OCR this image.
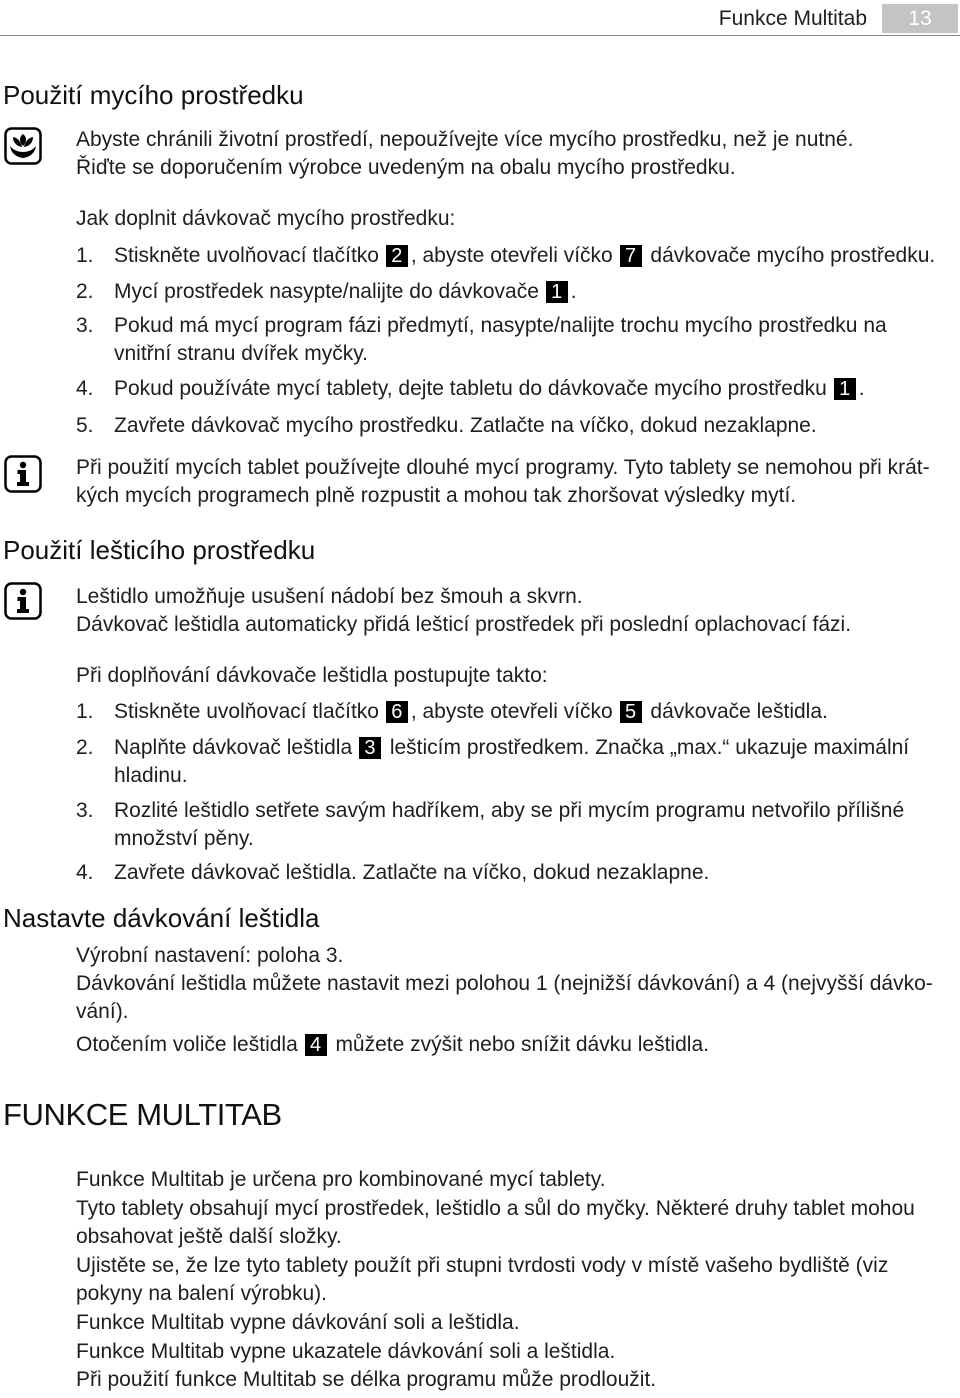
Funkce Multitab	13
Použití mycího prostředku
Abyste chránili životní prostředí, nepoužívejte více mycího prostředku, než je nutné.
Řiďte se doporučením výrobce uvedeným na obalu mycího prostředku.
Jak doplnit dávkovač mycího prostředku:
1. Stiskněte uvolňovací tlačítko 2 , abyste otevřeli víčko 7 dávkovače mycího prostředku.
2. Mycí prostředek nasypte/nalijte do dávkovače 1 .
3. Pokud má mycí program fázi předmytí, nasypte/nalijte trochu mycího prostředku na
vnitřní stranu dvířek myčky.
4. Pokud používáte mycí tablety, dejte tabletu do dávkovače mycího prostředku 1 .
5. Zavřete dávkovač mycího prostředku. Zatlačte na víčko, dokud nezaklapne.
Při použití mycích tablet používejte dlouhé mycí programy. Tyto tablety se nemohou při krát-
kých mycích programech plně rozpustit a mohou tak zhoršovat výsledky mytí.
Použití lešticího prostředku
Leštidlo umožňuje usušení nádobí bez šmouh a skvrn.
Dávkovač leštidla automaticky přidá lešticí prostředek při poslední oplachovací fázi.
Při doplňování dávkovače leštidla postupujte takto:
1. Stiskněte uvolňovací tlačítko 6 , abyste otevřeli víčko 5 dávkovače leštidla.
2. Naplňte dávkovač leštidla 3 lešticím prostředkem. Značka „max.“ ukazuje maximální
hladinu.
3. Rozlité leštidlo setřete savým hadříkem, aby se při mycím programu netvořilo přílišné
množství pěny.
4. Zavřete dávkovač leštidla. Zatlačte na víčko, dokud nezaklapne.
Nastavte dávkování leštidla
Výrobní nastavení: poloha 3.
Dávkování leštidla můžete nastavit mezi polohou 1 (nejnižší dávkování) a 4 (nejvyšší dávko-
vání).
Otočením voliče leštidla 4 můžete zvýšit nebo snížit dávku leštidla.
FUNKCE MULTITAB
Funkce Multitab je určena pro kombinované mycí tablety.
Tyto tablety obsahují mycí prostředek, leštidlo a sůl do myčky. Některé druhy tablet mohou
obsahovat ještě další složky.
Ujistěte se, že lze tyto tablety použít při stupni tvrdosti vody v místě vašeho bydliště (viz
pokyny na balení výrobku).
Funkce Multitab vypne dávkování soli a leštidla.
Funkce Multitab vypne ukazatele dávkování soli a leštidla.
Při použití funkce Multitab se délka programu může prodloužit.
